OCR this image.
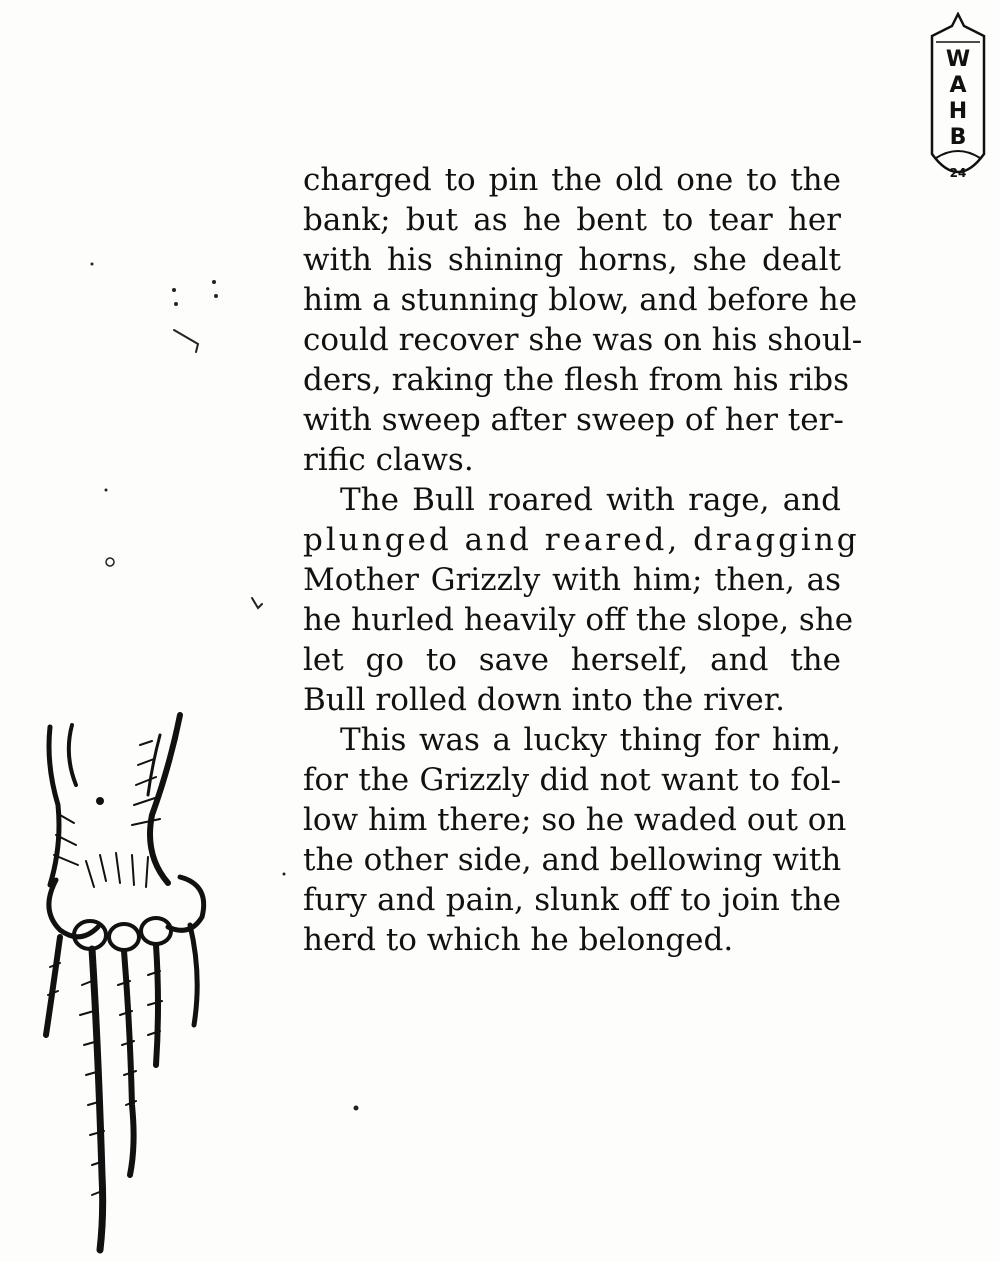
W
A
H
B
24

charged to pin the old one to the
bank; but as he bent to tear her
with his shining horns, she dealt
him a stunning blow, and before he
could recover she was on his shoul-
ders, raking the flesh from his ribs
with sweep after sweep of her ter-
rific claws.

The Bull roared with rage, and
plunged and reared, dragging
Mother Grizzly with him; then, as
he hurled heavily off the slope, she
let go to save herself, and the
Bull rolled down into the river.

This was a lucky thing for him,
for the Grizzly did not want to fol-
low him there; so he waded out on
the other side, and bellowing with
fury and pain, slunk off to join the
herd to which he belonged.
